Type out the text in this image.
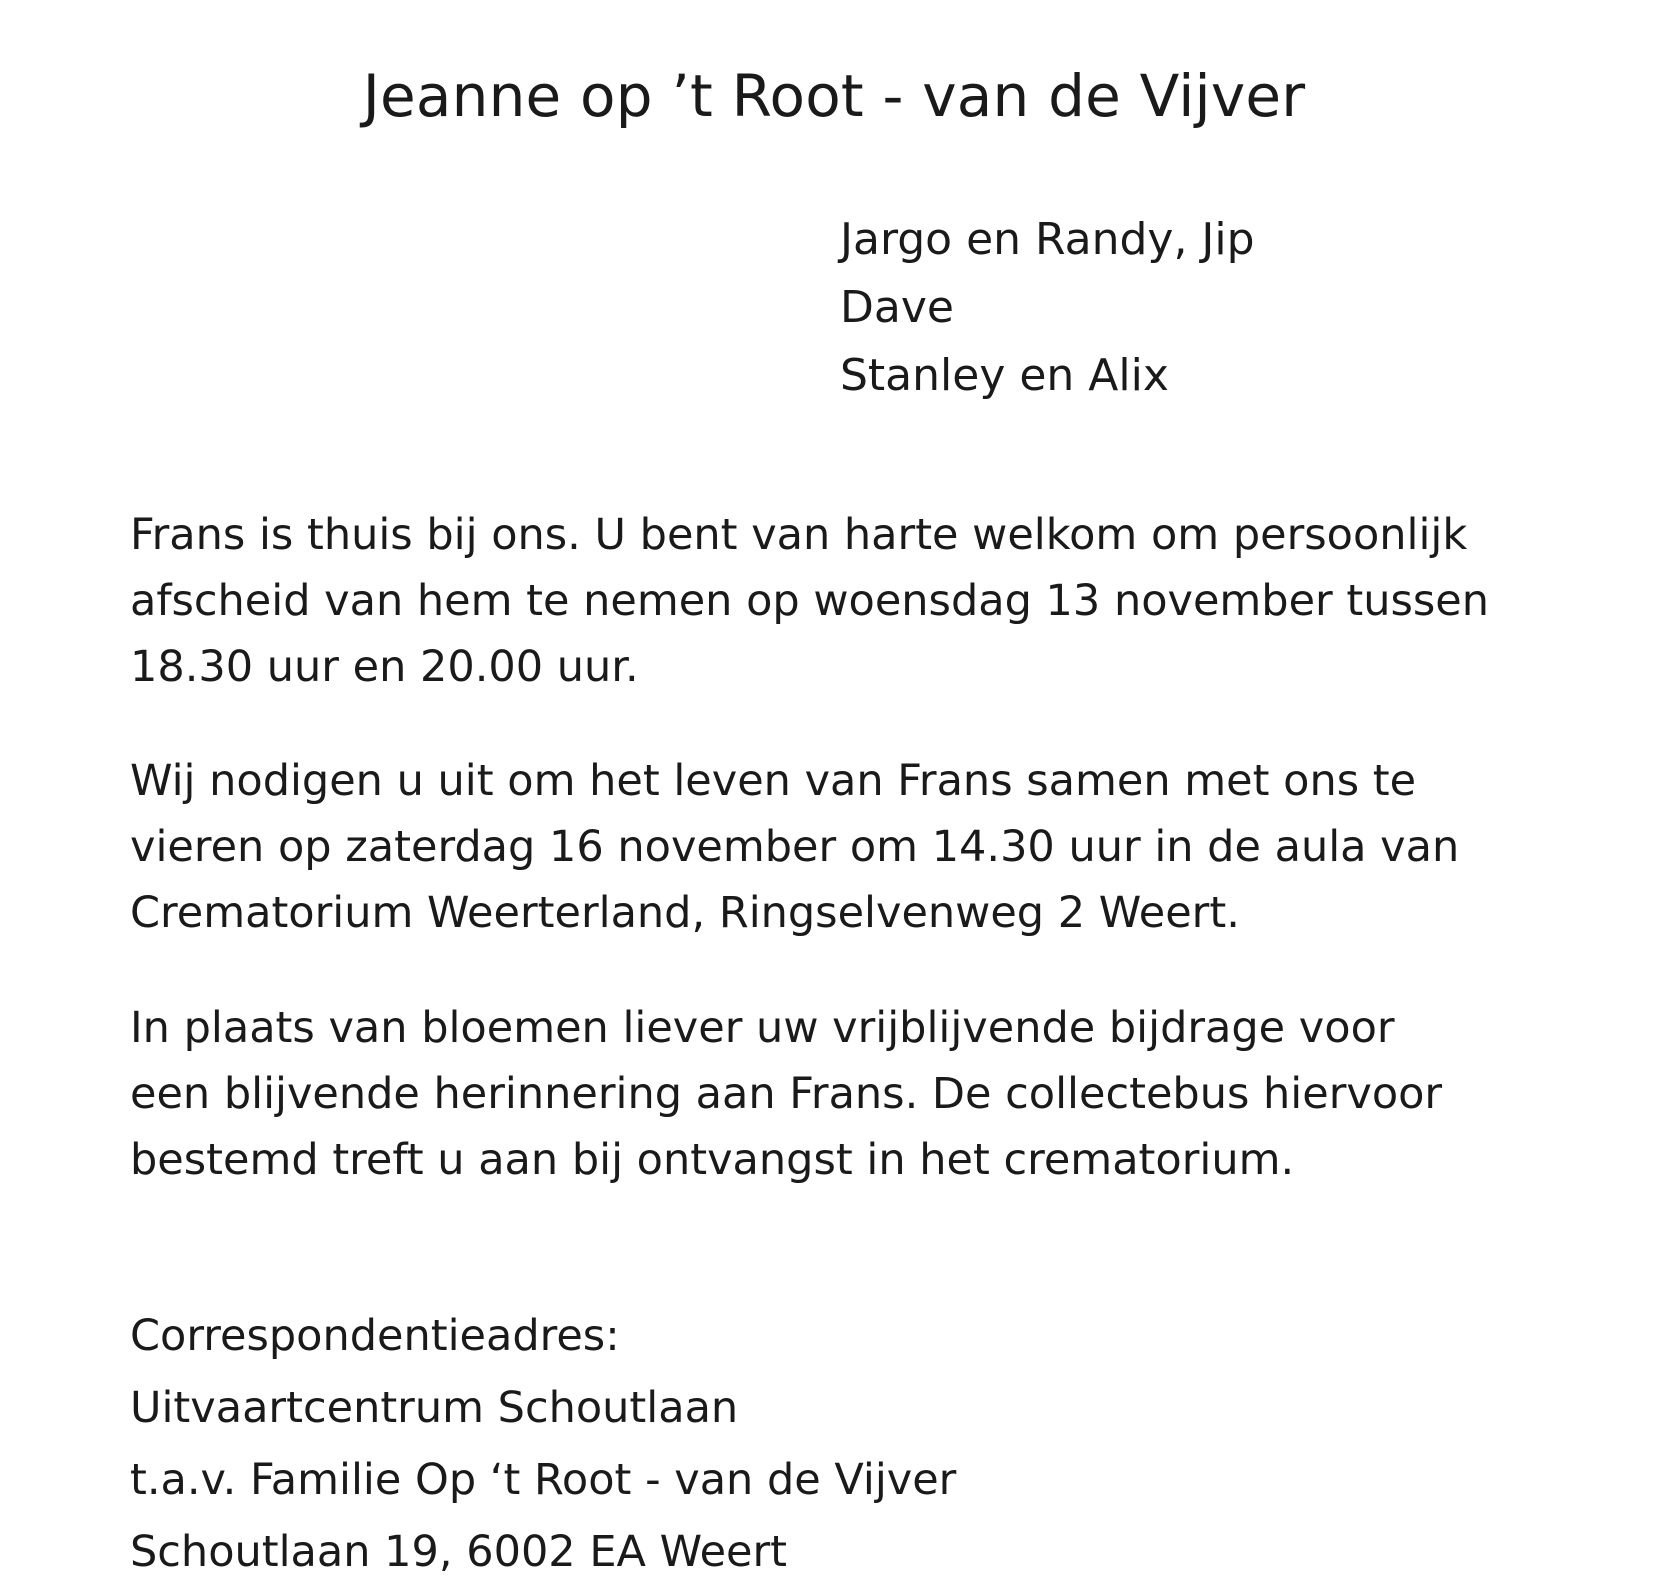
Jeanne op ’t Root - van de Vijver
Jargo en Randy, Jip
Dave
Stanley en Alix

Frans is thuis bij ons. U bent van harte welkom om persoonlijk
afscheid van hem te nemen op woensdag 13 november tussen
18.30 uur en 20.00 uur.

Wij nodigen u uit om het leven van Frans samen met ons te
vieren op zaterdag 16 november om 14.30 uur in de aula van
Crematorium Weerterland, Ringselvenweg 2 Weert.

In plaats van bloemen liever uw vrijblijvende bijdrage voor
een blijvende herinnering aan Frans. De collectebus hiervoor
bestemd treft u aan bij ontvangst in het crematorium.

Correspondentieadres:
Uitvaartcentrum Schoutlaan
t.a.v. Familie Op ‘t Root - van de Vijver
Schoutlaan 19, 6002 EA Weert
